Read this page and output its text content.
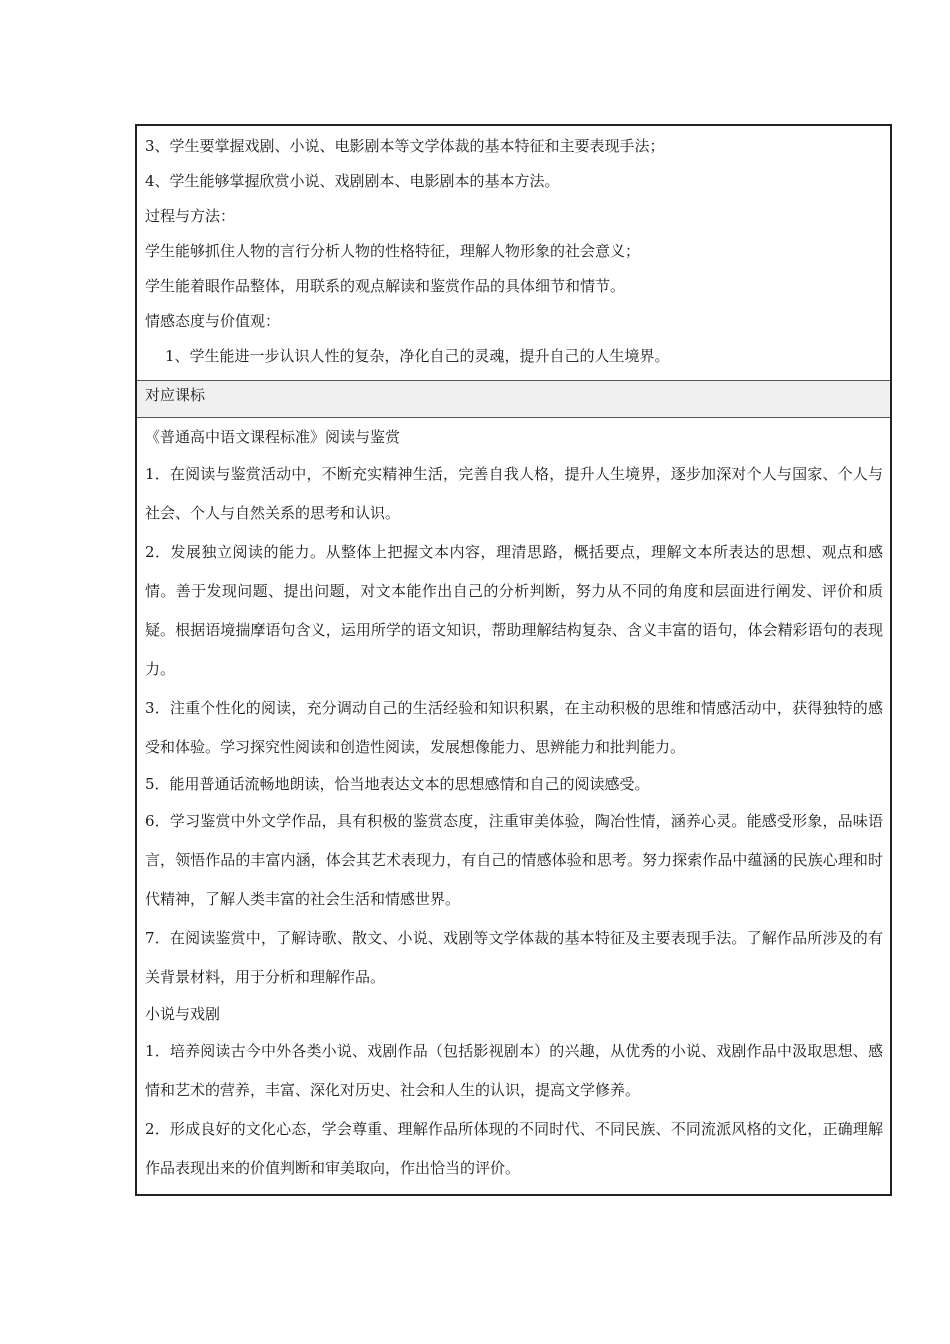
3、学生要掌握戏剧、小说、电影剧本等文学体裁的基本特征和主要表现手法；

4、学生能够掌握欣赏小说、戏剧剧本、电影剧本的基本方法。

过程与方法：

学生能够抓住人物的言行分析人物的性格特征，理解人物形象的社会意义；

学生能着眼作品整体，用联系的观点解读和鉴赏作品的具体细节和情节。

情感态度与价值观：

1、学生能进一步认识人性的复杂，净化自己的灵魂，提升自己的人生境界。

对应课标

《普通高中语文课程标准》阅读与鉴赏

1．在阅读与鉴赏活动中，不断充实精神生活，完善自我人格，提升人生境界，逐步加深对个人与国家、个人与社会、个人与自然关系的思考和认识。

2．发展独立阅读的能力。从整体上把握文本内容，理清思路，概括要点，理解文本所表达的思想、观点和感情。善于发现问题、提出问题，对文本能作出自己的分析判断，努力从不同的角度和层面进行阐发、评价和质疑。根据语境揣摩语句含义，运用所学的语文知识，帮助理解结构复杂、含义丰富的语句，体会精彩语句的表现力。

3．注重个性化的阅读，充分调动自己的生活经验和知识积累，在主动积极的思维和情感活动中，获得独特的感受和体验。学习探究性阅读和创造性阅读，发展想像能力、思辨能力和批判能力。

5．能用普通话流畅地朗读，恰当地表达文本的思想感情和自己的阅读感受。

6．学习鉴赏中外文学作品，具有积极的鉴赏态度，注重审美体验，陶冶性情，涵养心灵。能感受形象，品味语言，领悟作品的丰富内涵，体会其艺术表现力，有自己的情感体验和思考。努力探索作品中蕴涵的民族心理和时代精神，了解人类丰富的社会生活和情感世界。

7．在阅读鉴赏中，了解诗歌、散文、小说、戏剧等文学体裁的基本特征及主要表现手法。了解作品所涉及的有关背景材料，用于分析和理解作品。

小说与戏剧

1．培养阅读古今中外各类小说、戏剧作品（包括影视剧本）的兴趣，从优秀的小说、戏剧作品中汲取思想、感情和艺术的营养，丰富、深化对历史、社会和人生的认识，提高文学修养。

2．形成良好的文化心态，学会尊重、理解作品所体现的不同时代、不同民族、不同流派风格的文化，正确理解作品表现出来的价值判断和审美取向，作出恰当的评价。
